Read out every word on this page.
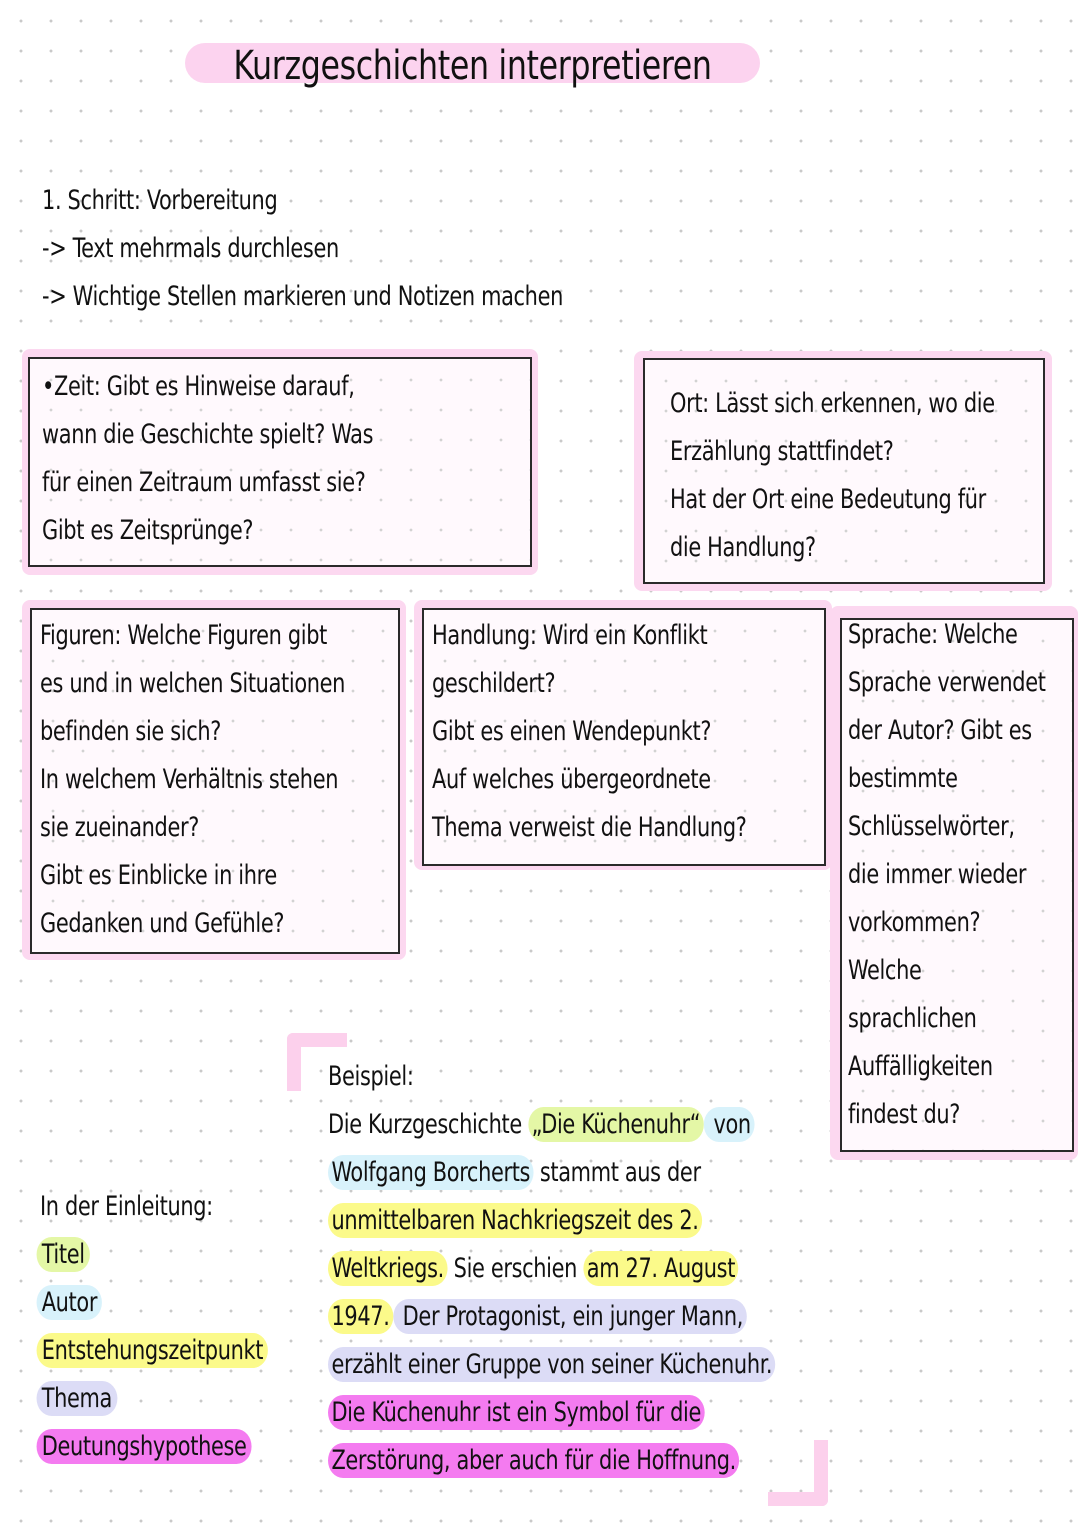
Kurzgeschichten interpretieren
1. Schritt: Vorbereitung
-> Text mehrmals durchlesen
-> Wichtige Stellen markieren und Notizen machen
•Zeit: Gibt es Hinweise darauf,
wann die Geschichte spielt? Was
für einen Zeitraum umfasst sie?
Gibt es Zeitsprünge?
Ort: Lässt sich erkennen, wo die
Erzählung stattfindet?
Hat der Ort eine Bedeutung für
die Handlung?
Figuren: Welche Figuren gibt
es und in welchen Situationen
befinden sie sich?
In welchem Verhältnis stehen
sie zueinander?
Gibt es Einblicke in ihre
Gedanken und Gefühle?
Handlung: Wird ein Konflikt
geschildert?
Gibt es einen Wendepunkt?
Auf welches übergeordnete
Thema verweist die Handlung?
Sprache: Welche
Sprache verwendet
der Autor? Gibt es
bestimmte
Schlüsselwörter,
die immer wieder
vorkommen?
Welche
sprachlichen
Auffälligkeiten
findest du?
In der Einleitung:
Titel
Autor
Entstehungszeitpunkt
Thema
Deutungshypothese
Beispiel:
Die Kurzgeschichte „Die Küchenuhr“ von
Wolfgang Borcherts stammt aus der
unmittelbaren Nachkriegszeit des 2.
Weltkriegs. Sie erschien am 27. August
1947. Der Protagonist, ein junger Mann,
erzählt einer Gruppe von seiner Küchenuhr.
Die Küchenuhr ist ein Symbol für die
Zerstörung, aber auch für die Hoffnung.
